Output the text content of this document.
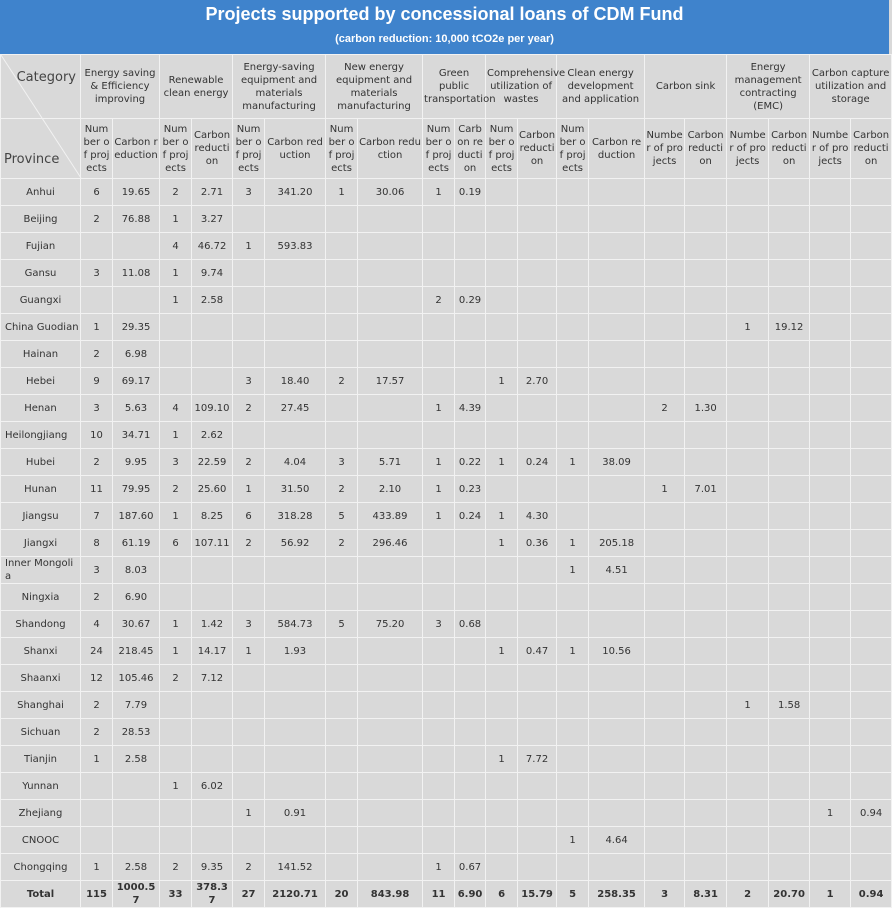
Projects supported by concessional loans of CDM Fund
(carbon reduction: 10,000 tCO2e per year)
Category
Province	Energy saving & Efficiency improving		Renewable clean energy		Energy-saving equipment and materials manufacturing		New energy equipment and materials manufacturing		Green public transportation		Comprehensive utilization of wastes		Clean energy development and application		Carbon sink		Energy management contracting (EMC)		Carbon capture utilization and storage	

	Number of projects	Carbon reduction	Number of projects	Carbon reduction	Number of projects	Carbon reduction	Number of projects	Carbon reduction	Number of projects	Carbon reduction	Number of projects	Carbon reduction	Number of projects	Carbon reduction	Number of projects	Carbon reduction	Number of projects	Carbon reduction	Number of projects	Carbon reduction
Anhui	6	19.65	2	2.71	3	341.20	1	30.06	1	0.19										
Beijing	2	76.88	1	3.27																
Fujian			4	46.72	1	593.83														
Gansu	3	11.08	1	9.74																
Guangxi			1	2.58					2	0.29										
China Guodian	1	29.35															1	19.12		
Hainan	2	6.98																		
Hebei	9	69.17			3	18.40	2	17.57			1	2.70								
Henan	3	5.63	4	109.10	2	27.45			1	4.39					2	1.30				
Heilongjiang	10	34.71	1	2.62																
Hubei	2	9.95	3	22.59	2	4.04	3	5.71	1	0.22	1	0.24	1	38.09						
Hunan	11	79.95	2	25.60	1	31.50	2	2.10	1	0.23					1	7.01				
Jiangsu	7	187.60	1	8.25	6	318.28	5	433.89	1	0.24	1	4.30								
Jiangxi	8	61.19	6	107.11	2	56.92	2	296.46			1	0.36	1	205.18						
Inner Mongolia	3	8.03											1	4.51						
Ningxia	2	6.90																		
Shandong	4	30.67	1	1.42	3	584.73	5	75.20	3	0.68										
Shanxi	24	218.45	1	14.17	1	1.93					1	0.47	1	10.56						
Shaanxi	12	105.46	2	7.12																
Shanghai	2	7.79															1	1.58		
Sichuan	2	28.53																		
Tianjin	1	2.58									1	7.72								
Yunnan			1	6.02																
Zhejiang					1	0.91													1	0.94
CNOOC													1	4.64						
Chongqing	1	2.58	2	9.35	2	141.52			1	0.67										
Total	115	1000.57	33	378.37	27	2120.71	20	843.98	11	6.90	6	15.79	5	258.35	3	8.31	2	20.70	1	0.94
